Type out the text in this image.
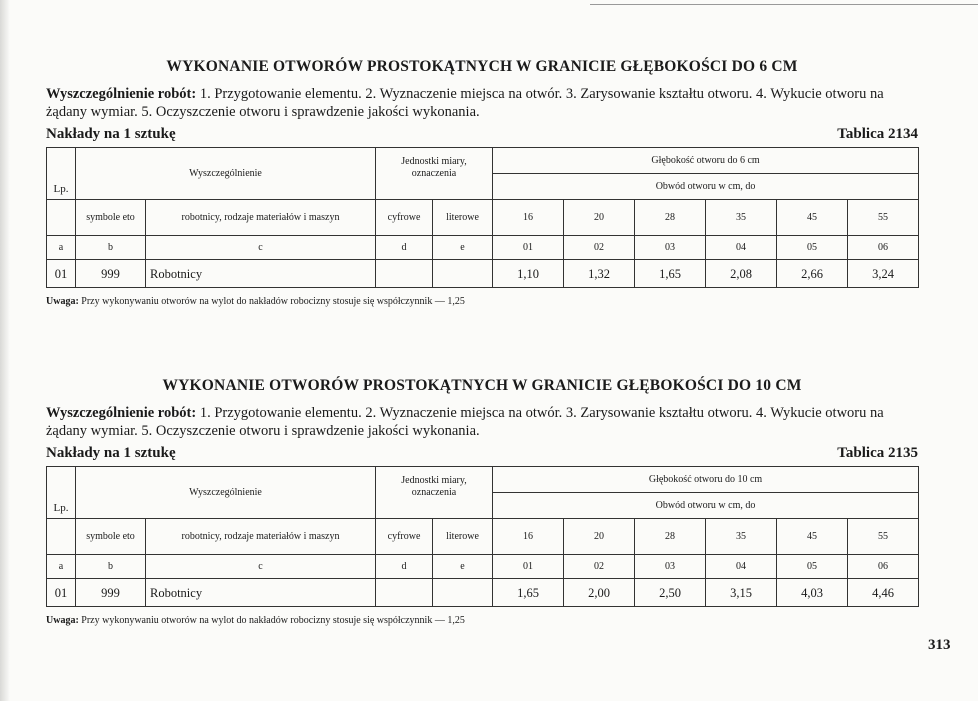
WYKONANIE OTWORÓW PROSTOKĄTNYCH W GRANICIE GŁĘBOKOŚCI DO 6 CM
Wyszczególnienie robót: 1. Przygotowanie elementu. 2. Wyznaczenie miejsca na otwór. 3. Zarysowanie kształtu otworu. 4. Wykucie otworu na żądany wymiar. 5. Oczyszczenie otworu i sprawdzenie jakości wykonania.
Nakłady na 1 sztukę	Tablica 2134
Lp.	Wyszczególnienie		Jednostki miary, oznaczenia		Głębokość otworu do 6 cm					
					Obwód otworu w cm, do					
	symbole eto	robotnicy, rodzaje materiałów i maszyn	cyfrowe	literowe	16	20	28	35	45	55
a	b	c	d	e	01	02	03	04	05	06
01	999	Robotnicy			1,10	1,32	1,65	2,08	2,66	3,24
Uwaga: Przy wykonywaniu otworów na wylot do nakładów robocizny stosuje się współczynnik — 1,25
WYKONANIE OTWORÓW PROSTOKĄTNYCH W GRANICIE GŁĘBOKOŚCI DO 10 CM
Wyszczególnienie robót: 1. Przygotowanie elementu. 2. Wyznaczenie miejsca na otwór. 3. Zarysowanie kształtu otworu. 4. Wykucie otworu na żądany wymiar. 5. Oczyszczenie otworu i sprawdzenie jakości wykonania.
Nakłady na 1 sztukę	Tablica 2135
Lp.	Wyszczególnienie		Jednostki miary, oznaczenia		Głębokość otworu do 10 cm					
					Obwód otworu w cm, do					
	symbole eto	robotnicy, rodzaje materiałów i maszyn	cyfrowe	literowe	16	20	28	35	45	55
a	b	c	d	e	01	02	03	04	05	06
01	999	Robotnicy			1,65	2,00	2,50	3,15	4,03	4,46
Uwaga: Przy wykonywaniu otworów na wylot do nakładów robocizny stosuje się współczynnik — 1,25
313
